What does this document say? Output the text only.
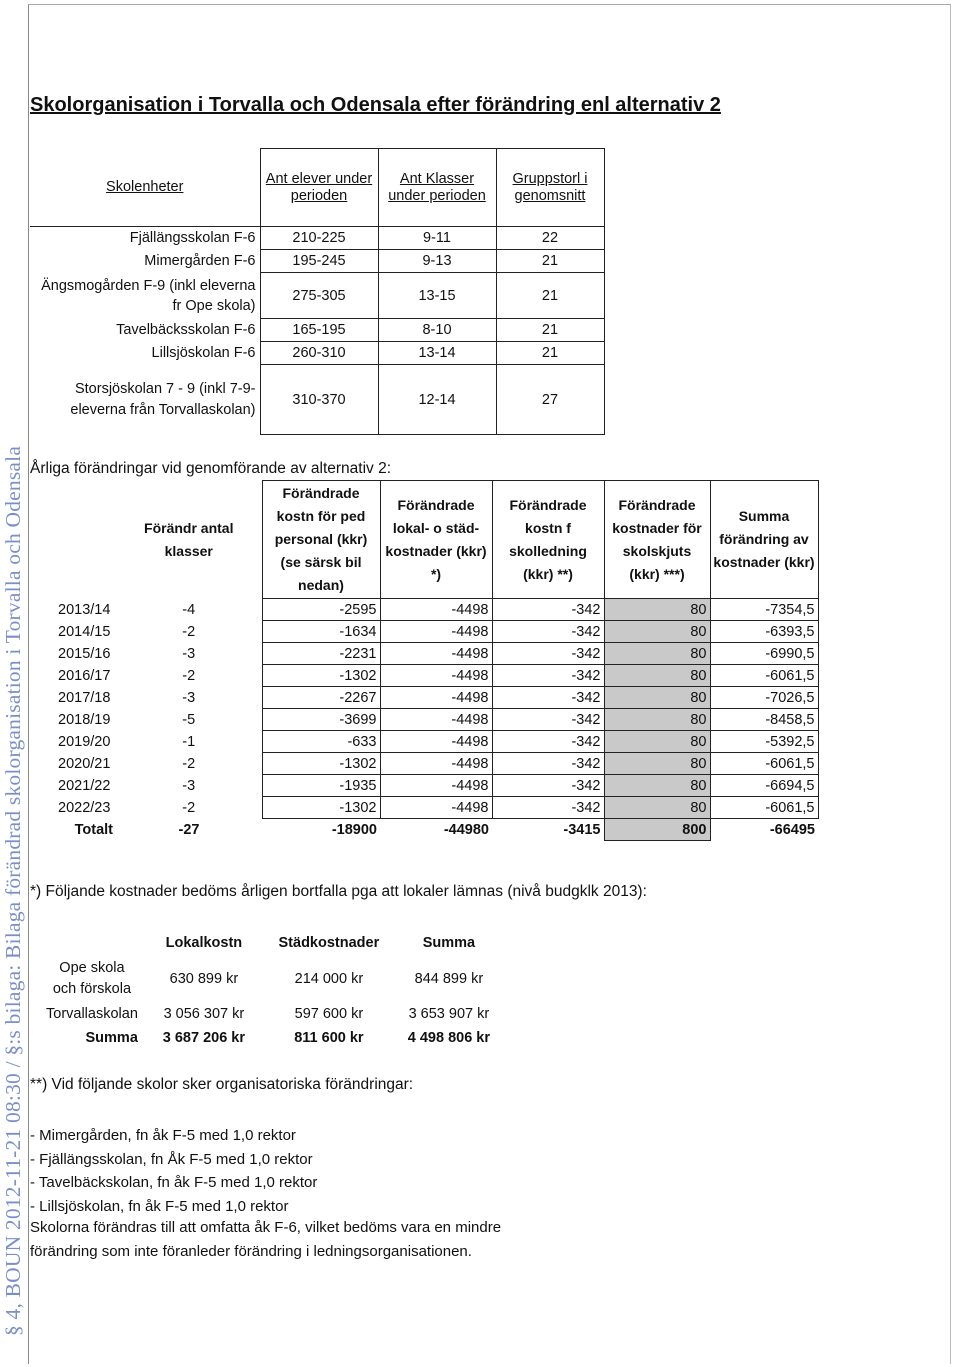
§ 4, BOUN 2012-11-21 08:30 / §:s bilaga: Bilaga förändrad skolorganisation i Torvalla och Odensala
Skolorganisation i Torvalla och Odensala efter förändring enl alternativ 2
Skolenheter	Ant elever under perioden	Ant Klasser under perioden	Gruppstorl i genomsnitt
Fjällängsskolan F-6	210-225	9-11	22
Mimergården F-6	195-245	9-13	21
Ängsmogården F-9 (inkl eleverna fr Ope skola)	275-305	13-15	21
Tavelbäcksskolan F-6	165-195	8-10	21
Lillsjöskolan F-6	260-310	13-14	21
Storsjöskolan 7 - 9 (inkl 7-9-eleverna från Torvallaskolan)	310-370	12-14	27
Årliga förändringar vid genomförande av alternativ 2:
	Förändr antal klasser	Förändrade kostn för ped personal (kkr) (se särsk bil nedan)	Förändrade lokal- o städ-kostnader (kkr) *)	Förändrade kostn f skolledning (kkr) **)	Förändrade kostnader för skolskjuts (kkr) ***)	Summa förändring av kostnader (kkr)
2013/14	-4	-2595	-4498	-342	80	-7354,5
2014/15	-2	-1634	-4498	-342	80	-6393,5
2015/16	-3	-2231	-4498	-342	80	-6990,5
2016/17	-2	-1302	-4498	-342	80	-6061,5
2017/18	-3	-2267	-4498	-342	80	-7026,5
2018/19	-5	-3699	-4498	-342	80	-8458,5
2019/20	-1	-633	-4498	-342	80	-5392,5
2020/21	-2	-1302	-4498	-342	80	-6061,5
2021/22	-3	-1935	-4498	-342	80	-6694,5
2022/23	-2	-1302	-4498	-342	80	-6061,5
Totalt	-27	-18900	-44980	-3415	800	-66495
*) Följande kostnader bedöms årligen bortfalla pga att lokaler lämnas (nivå budgklk 2013):
	Lokalkostn	Städkostnader	Summa
Ope skola och förskola	630 899 kr	214 000 kr	844 899 kr
Torvallaskolan	3 056 307 kr	597 600 kr	3 653 907 kr
Summa	3 687 206 kr	811 600 kr	4 498 806 kr
**) Vid följande skolor sker organisatoriska förändringar:
- Mimergården, fn åk F-5 med 1,0 rektor
- Fjällängsskolan, fn Åk F-5 med 1,0 rektor
- Tavelbäckskolan, fn åk F-5 med 1,0 rektor
- Lillsjöskolan, fn åk F-5 med 1,0 rektor

Skolorna förändras till att omfatta åk F-6, vilket bedöms vara en mindre
förändring som inte föranleder förändring i ledningsorganisationen.
